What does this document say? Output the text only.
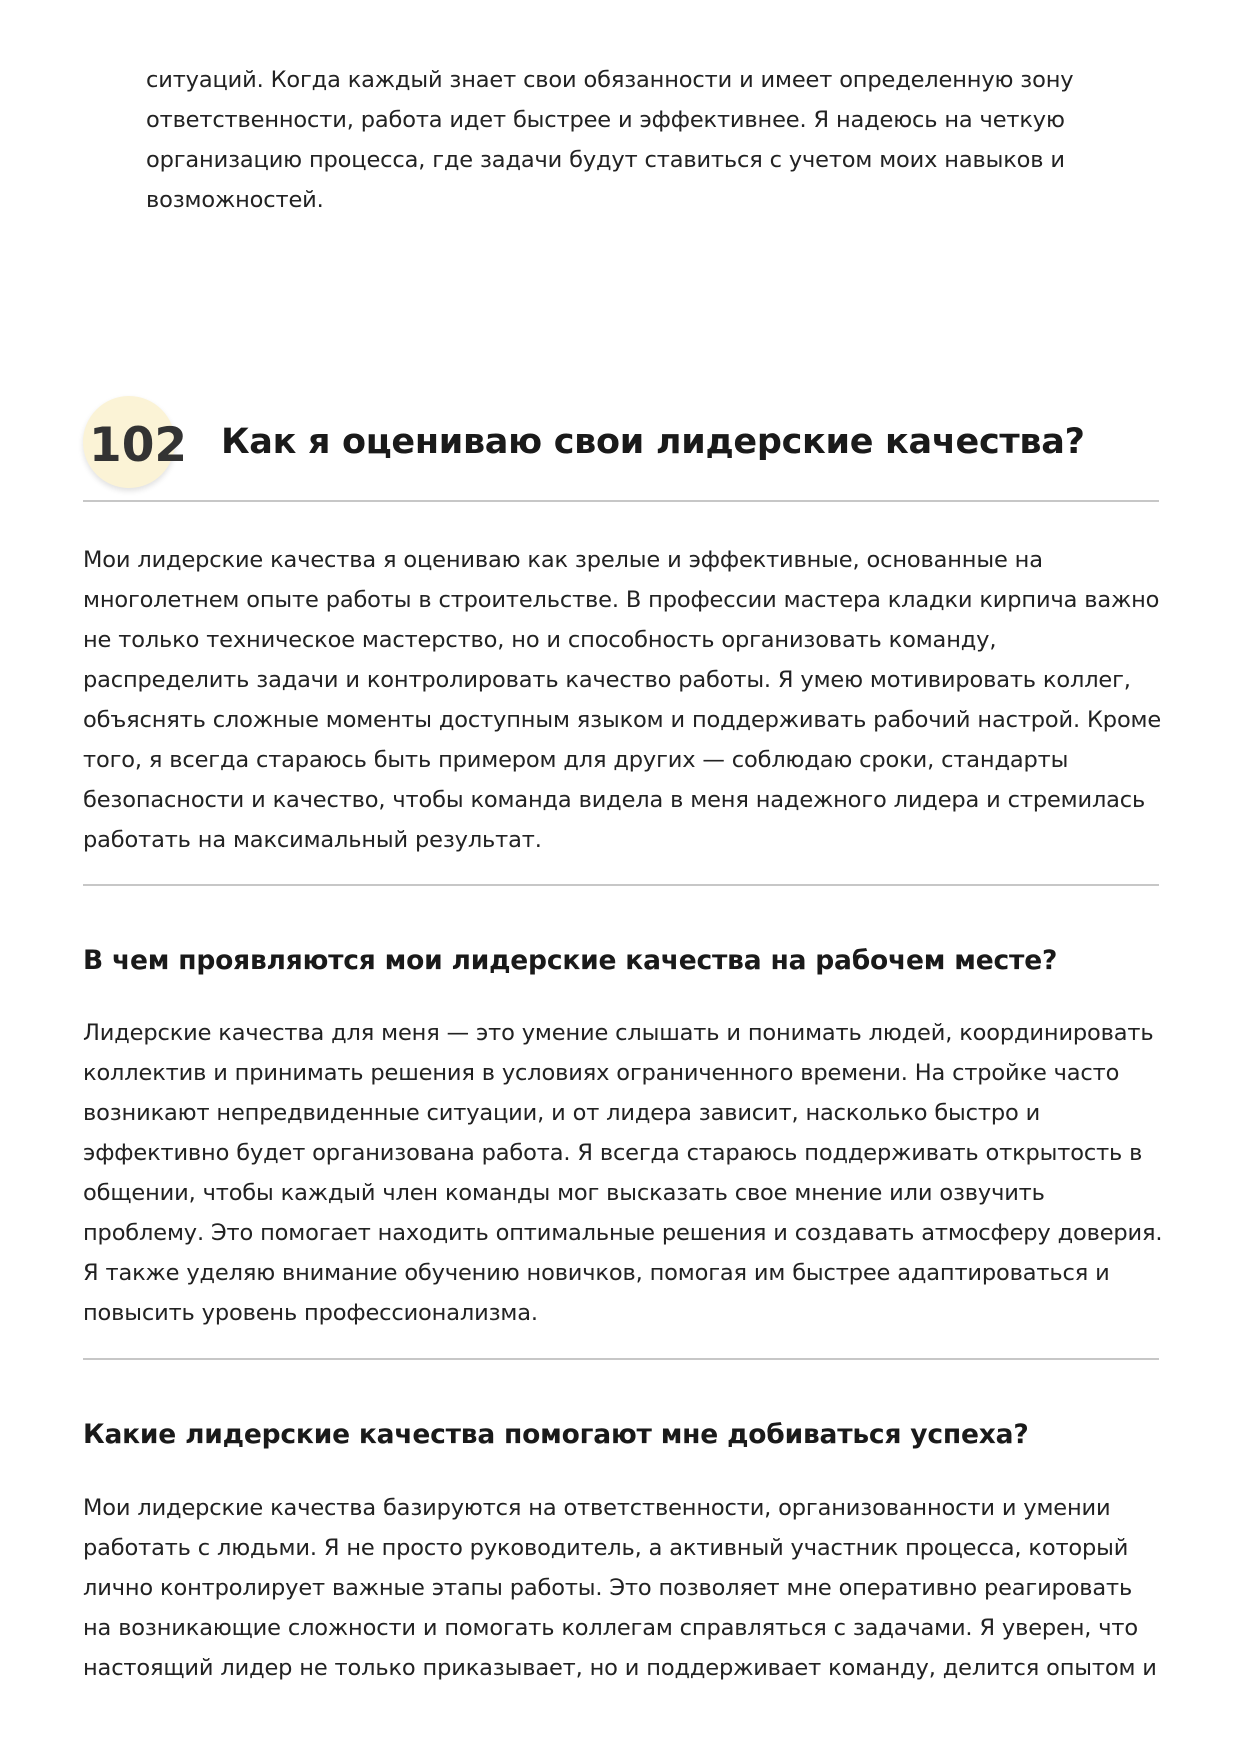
ситуаций. Когда каждый знает свои обязанности и имеет определенную зону ответственности, работа идет быстрее и эффективнее. Я надеюсь на четкую организацию процесса, где задачи будут ставиться с учетом моих навыков и возможностей.

102 Как я оцениваю свои лидерские качества?

Мои лидерские качества я оцениваю как зрелые и эффективные, основанные на многолетнем опыте работы в строительстве. В профессии мастера кладки кирпича важно не только техническое мастерство, но и способность организовать команду, распределить задачи и контролировать качество работы. Я умею мотивировать коллег, объяснять сложные моменты доступным языком и поддерживать рабочий настрой. Кроме того, я всегда стараюсь быть примером для других — соблюдаю сроки, стандарты безопасности и качество, чтобы команда видела в меня надежного лидера и стремилась работать на максимальный результат.

В чем проявляются мои лидерские качества на рабочем месте?

Лидерские качества для меня — это умение слышать и понимать людей, координировать коллектив и принимать решения в условиях ограниченного времени. На стройке часто возникают непредвиденные ситуации, и от лидера зависит, насколько быстро и эффективно будет организована работа. Я всегда стараюсь поддерживать открытость в общении, чтобы каждый член команды мог высказать свое мнение или озвучить проблему. Это помогает находить оптимальные решения и создавать атмосферу доверия. Я также уделяю внимание обучению новичков, помогая им быстрее адаптироваться и повысить уровень профессионализма.

Какие лидерские качества помогают мне добиваться успеха?

Мои лидерские качества базируются на ответственности, организованности и умении работать с людьми. Я не просто руководитель, а активный участник процесса, который лично контролирует важные этапы работы. Это позволяет мне оперативно реагировать на возникающие сложности и помогать коллегам справляться с задачами. Я уверен, что настоящий лидер не только приказывает, но и поддерживает команду, делится опытом и
